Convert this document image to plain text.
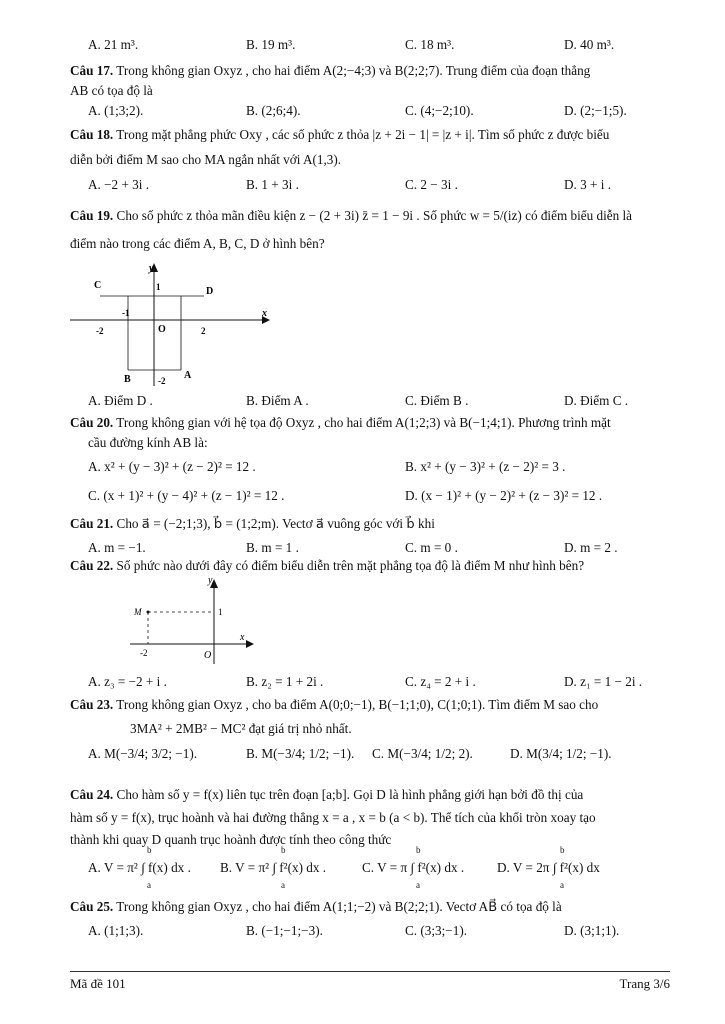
A. 21 m³.	B. 19 m³.	C. 18 m³.	D. 40 m³.
Câu 17. Trong không gian Oxyz , cho hai điểm A(2;−4;3) và B(2;2;7). Trung điểm của đoạn thẳng
AB có tọa độ là
A. (1;3;2).	B. (2;6;4).	C. (4;−2;10).	D. (2;−1;5).
Câu 18. Trong mặt phẳng phức Oxy , các số phức z thỏa |z + 2i − 1| = |z + i|. Tìm số phức z được biểu
diễn bởi điểm M sao cho MA ngắn nhất với A(1,3).
A. −2 + 3i .	B. 1 + 3i .	C. 2 − 3i .	D. 3 + i .
Câu 19. Cho số phức z thỏa mãn điều kiện z − (2 + 3i) z̄ = 1 − 9i . Số phức w = 5/(iz) có điểm biểu diễn là
điểm nào trong các điểm A, B, C, D ở hình bên?
y
x
O
C
D
A
B
1
-1
-2	2
-2
A. Điểm D .	B. Điểm A .	C. Điểm B .	D. Điểm C .
Câu 20. Trong không gian với hệ tọa độ Oxyz , cho hai điểm A(1;2;3) và B(−1;4;1). Phương trình mặt
cầu đường kính AB là:
A. x² + (y − 3)² + (z − 2)² = 12 .	B. x² + (y − 3)² + (z − 2)² = 3 .
C. (x + 1)² + (y − 4)² + (z − 1)² = 12 .	D. (x − 1)² + (y − 2)² + (z − 3)² = 12 .
Câu 21. Cho a⃗ = (−2;1;3), b⃗ = (1;2;m). Vectơ a⃗ vuông góc với b⃗ khi
A. m = −1.	B. m = 1 .	C. m = 0 .	D. m = 2 .
Câu 22. Số phức nào dưới đây có điểm biểu diễn trên mặt phẳng tọa độ là điểm M như hình bên?
y
x
O
M	1
-2
A. z₃ = −2 + i .	B. z₂ = 1 + 2i .	C. z₄ = 2 + i .	D. z₁ = 1 − 2i .
Câu 23. Trong không gian Oxyz , cho ba điểm A(0;0;−1), B(−1;1;0), C(1;0;1). Tìm điểm M sao cho
3MA² + 2MB² − MC² đạt giá trị nhỏ nhất.
A. M(−3/4; 3/2; −1).	B. M(−3/4; 1/2; −1). C. M(−3/4; 1/2; 2).	D. M(3/4; 1/2; −1).
Câu 24. Cho hàm số y = f(x) liên tục trên đoạn [a;b]. Gọi D là hình phẳng giới hạn bởi đồ thị của
hàm số y = f(x), trục hoành và hai đường thẳng x = a , x = b (a < b). Thể tích của khối tròn xoay tạo
thành khi quay D quanh trục hoành được tính theo công thức
A. V = π² ∫ f(x) dx . B. V = π² ∫ f²(x) dx .	C. V = π ∫ f²(x) dx . D. V = 2π ∫ f²(x) dx
b
a
b
a
b
a
b
a
Câu 25. Trong không gian Oxyz , cho hai điểm A(1;1;−2) và B(2;2;1). Vectơ AB⃗ có tọa độ là
A. (1;1;3).	B. (−1;−1;−3).	C. (3;3;−1).	D. (3;1;1).
Mã đề 101	Trang 3/6
